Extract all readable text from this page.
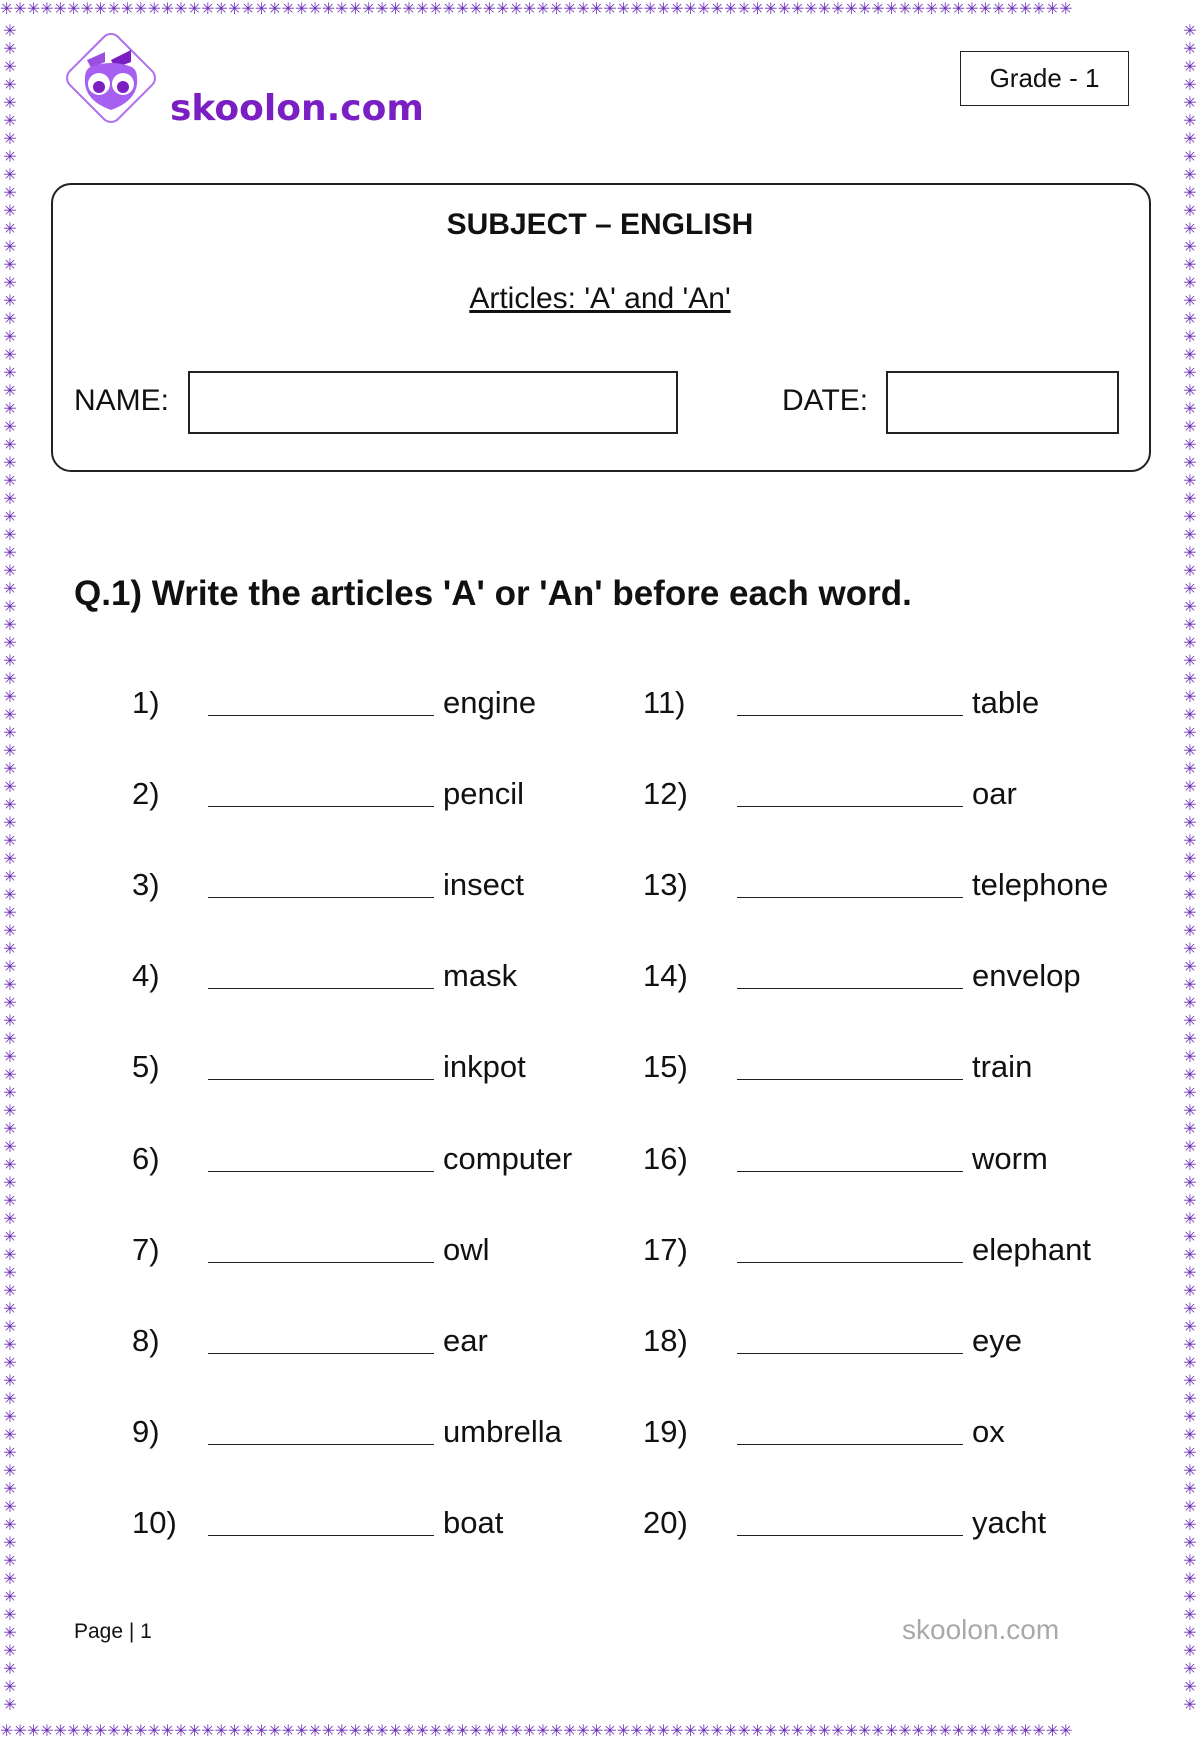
✳✳✳✳✳✳✳✳✳✳✳✳✳✳✳✳✳✳✳✳✳✳✳✳✳✳✳✳✳✳✳✳✳✳✳✳✳✳✳✳✳✳✳✳✳✳✳✳✳✳✳✳✳✳✳✳✳✳✳✳✳✳✳✳✳✳✳✳✳✳✳✳✳✳✳✳✳✳✳✳
✳✳✳✳✳✳✳✳✳✳✳✳✳✳✳✳✳✳✳✳✳✳✳✳✳✳✳✳✳✳✳✳✳✳✳✳✳✳✳✳✳✳✳✳✳✳✳✳✳✳✳✳✳✳✳✳✳✳✳✳✳✳✳✳✳✳✳✳✳✳✳✳✳✳✳✳✳✳✳✳
✳✳✳✳✳✳✳✳✳✳✳✳✳✳✳✳✳✳✳✳✳✳✳✳✳✳✳✳✳✳✳✳✳✳✳✳✳✳✳✳✳✳✳✳✳✳✳✳✳✳✳✳✳✳✳✳✳✳✳✳✳✳✳✳✳✳✳✳✳✳✳✳✳✳✳✳✳✳✳✳✳✳✳✳✳✳✳✳✳✳✳✳✳✳
✳✳✳✳✳✳✳✳✳✳✳✳✳✳✳✳✳✳✳✳✳✳✳✳✳✳✳✳✳✳✳✳✳✳✳✳✳✳✳✳✳✳✳✳✳✳✳✳✳✳✳✳✳✳✳✳✳✳✳✳✳✳✳✳✳✳✳✳✳✳✳✳✳✳✳✳✳✳✳✳✳✳✳✳✳✳✳✳✳✳✳✳✳✳
skoolon.com
Grade - 1
SUBJECT – ENGLISH
Articles: 'A' and 'An'
NAME:	DATE:
Q.1) Write the articles 'A' or 'An' before each word.
1)	engine
2)	pencil
3)	insect
4)	mask
5)	inkpot
6)	computer
7)	owl
8)	ear
9)	umbrella
10)	boat
11)	table
12)	oar
13)	telephone
14)	envelop
15)	train
16)	worm
17)	elephant
18)	eye
19)	ox
20)	yacht
Page | 1	skoolon.com
